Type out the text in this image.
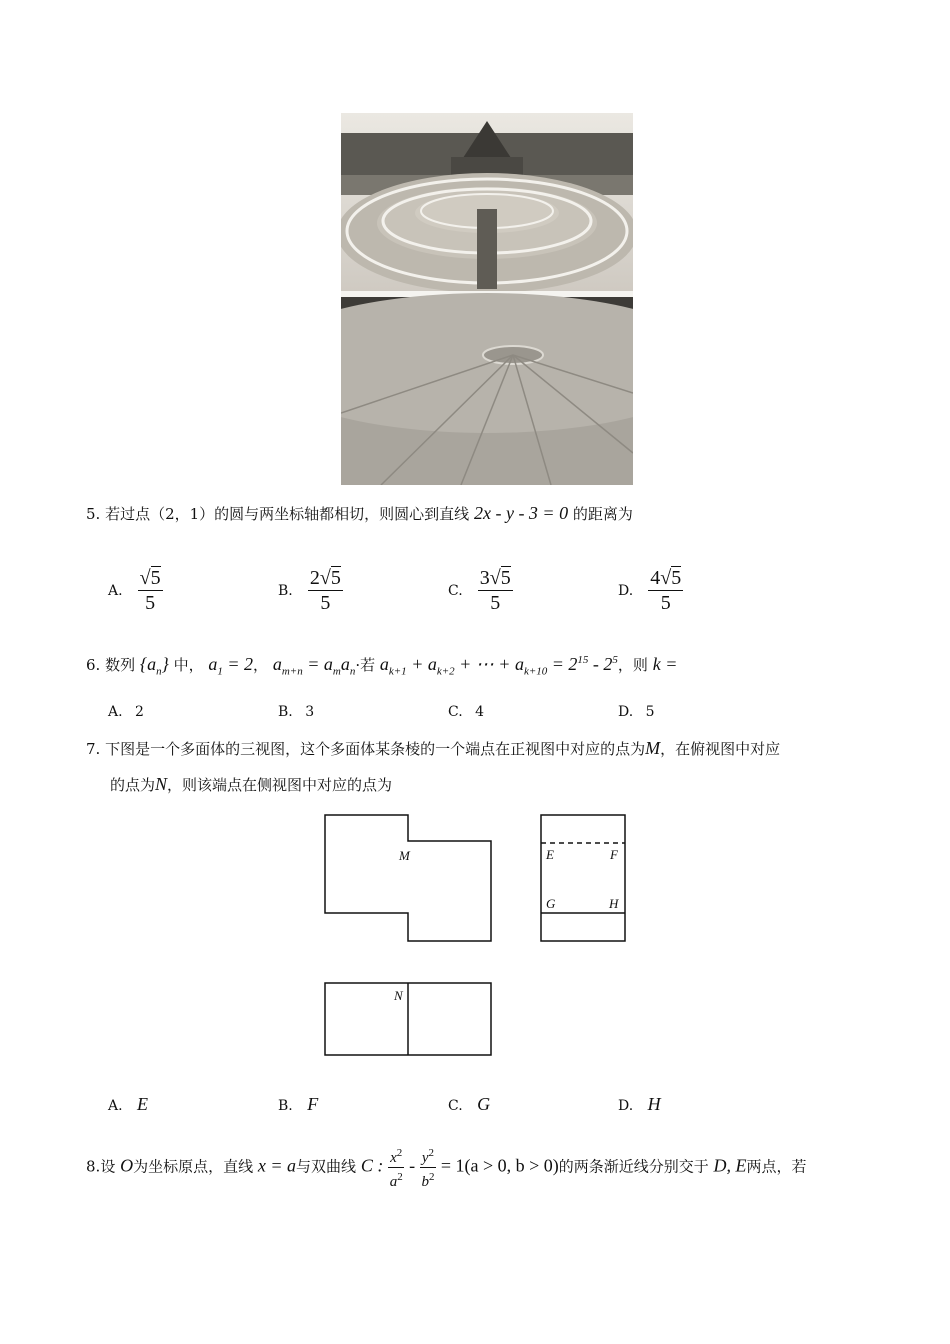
5. 若过点（2，1）的圆与两坐标轴都相切，则圆心到直线 2x - y - 3 = 0 的距离为
A. $\frac{√5}{5}$	B. $\frac{2√5}{5}$	C. $\frac{3√5}{5}$	D. $\frac{4√5}{5}$
6. 数列 $\{a_n\}$ 中， $a_1 = 2$， $a_{m+n} = a_ma_n\cdot$若 $a_{k+1} + a_{k+2}$ + ⋯ + $a_{k+10} = 2^{15} - 2^5$，则 k =
A. 2	B. 3	C. 4	D. 5
7. 下图是一个多面体的三视图，这个多面体某条棱的一个端点在正视图中对应的点为M，在俯视图中对应
的点为N，则该端点在侧视图中对应的点为
M
N
E	F
G	H
A. E	B. F	C. G	D. H
8.设 O为坐标原点，直线 x = a与双曲线 C : $\frac{x^2}{a^2} - \frac{y^2}{b^2} = 1(a > 0$, b > 0)的两条渐近线分别交于 D, E两点，若
